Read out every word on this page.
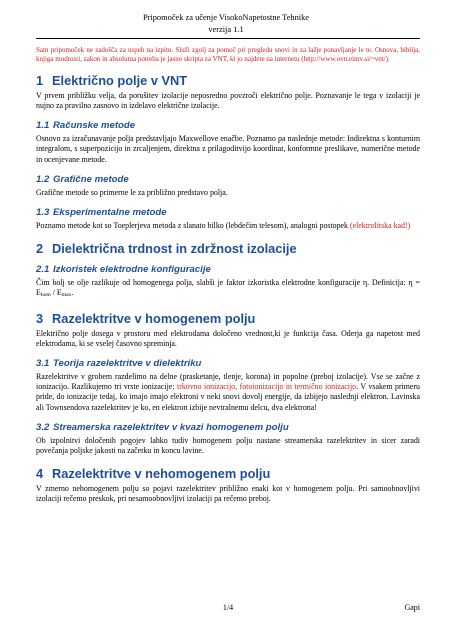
Pripomoček za učenje VisokoNapetostne Tehnike
verzija 1.1

Sam pripomoček ne zadošča za uspeh na izpitu. Služi zgolj za pomoč pri pregledu snovi in za lažje ponavljanje le te. Osnova, biblija, knjiga modrosti, zakon in absolutna potreba je jasno skripta za VNT, ki jo najdete na internetu (http://www.ovn.eimv.si/~vnt/).

1 Električno polje v VNT

V prvem približku velja, da porušitev izolacije neposredno povzroči električno polje. Poznavanje le tega v izolaciji je nujno za pravilno zasnovo in izdelavo električne izolacije.

1.1 Računske metode

Osnovo za izračunavanje polja predstavljajo Maxwellove enačbe. Poznamo pa naslednje metode: Indirektna s konturnim integralom, s superpozicijo in zrcaljenjem, direktna z prilagoditvijo koordinat, konformne preslikave, numerične metode in ocenjevane metode.

1.2 Grafične metode

Grafične metode so primerne le za približno predstavo polja.

1.3 Eksperimentalne metode

Poznamo metode kot so Toeplerjeva metoda z slanato bilko (lebdečim telesom), analogni postopek (elektrolitska kad!)

2 Dielektrična trdnost in zdržnost izolacije
2.1 Izkoristek elektrodne konfiguracije

Čim bolj se olje razlikuje od homogenega polja, slabši je faktor izkoristka elektrodne konfiguracije η. Definicija: η = Ehom / Emax.

3 Razelektritve v homogenem polju

Električno polje dosega v prostoru med elektrodama določeno vrednost,ki je funkcija časa. Oderja ga napetost med elektrodama, ki se vselej časovno spreminja.

3.1 Teorija razelektritve v dielektriku

Razelektritve v grobem razdelimo na delne (prasketanje, tlenje, korona) in popolne (preboj izolacije). Vse se začne z ionizacijo. Razlikujemo tri vrste ionizacije: trkovno ionizacijo, fotoionizacijo in termično ionizacijo. V vsakem primeru pride, do ionizacije tedaj, ko imajo imajo elektroni v neki snovi dovolj energije, da izbijejo naslednji elektron. Lavinska ali Townsendova razelektritev je ko, en elektron izbije nevtralnemu delcu, dva elektrona!

3.2 Streamerska razelektritev v kvazi homogenem polju

Ob izpolnitvi določenih pogojev lahko tudiv homogenem polju nastane streamerska razelektritev in sicer zaradi povečanja poljske jakosti na začetku in koncu lavine.

4 Razelektritve v nehomogenem polju

V zmerno nehomogenem polju so pojavi razelektritev približno enaki kot v homogenem polju. Pri samoobnovljivi izolaciji rečemo preskok, pri nesamoobnovljivi izolaciji pa rečemo preboj.

1/4	Gapi
